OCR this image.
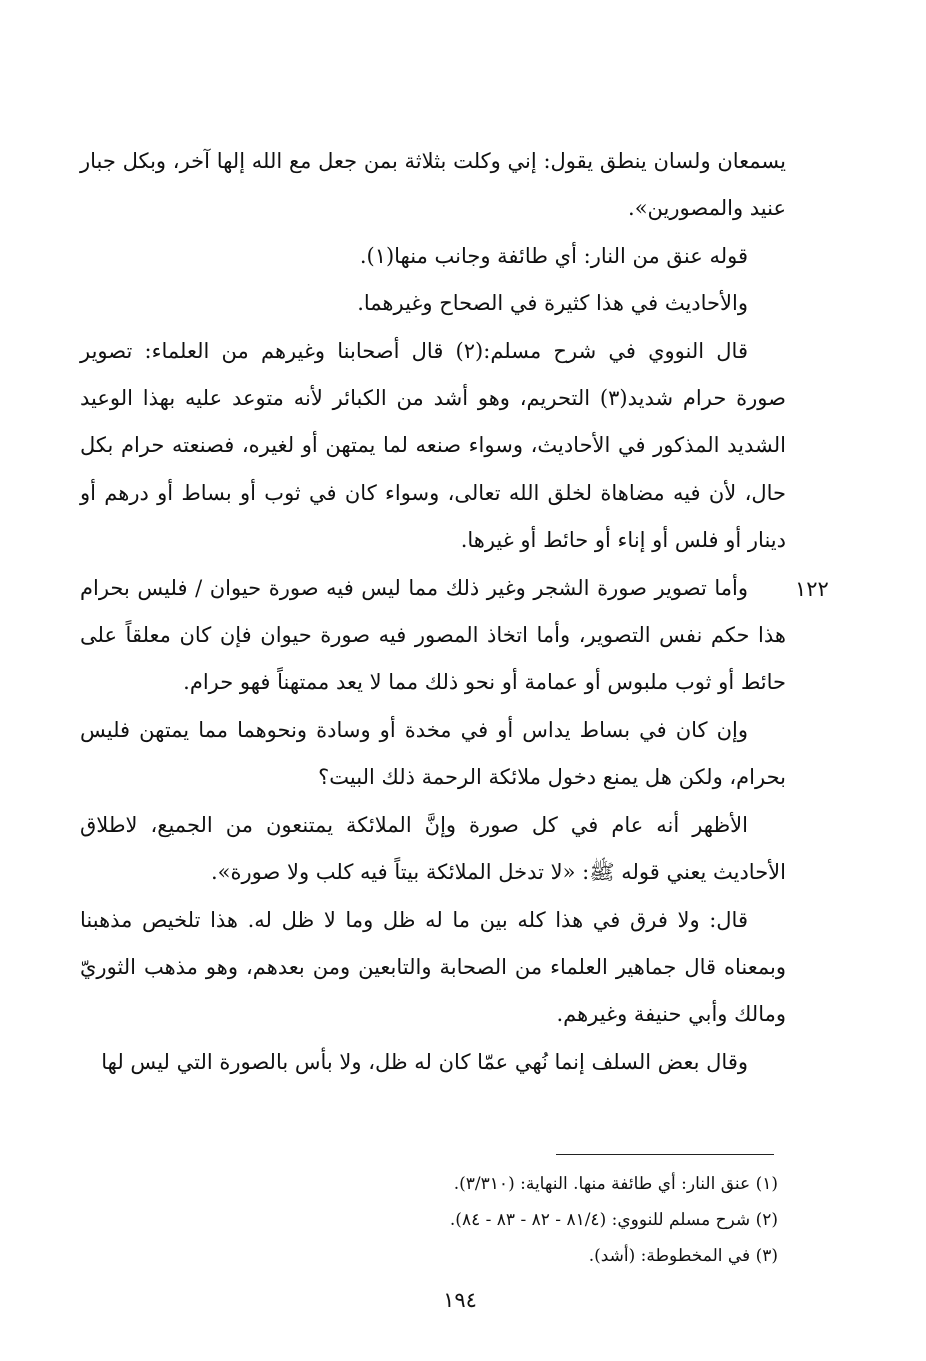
يسمعان ولسان ينطق يقول: إني وكلت بثلاثة بمن جعل مع الله إلها آخر، وبكل جبار عنيد والمصورين».

قوله عنق من النار: أي طائفة وجانب منها(١).

والأحاديث في هذا كثيرة في الصحاح وغيرهما.

قال النووي في شرح مسلم:(٢) قال أصحابنا وغيرهم من العلماء: تصوير صورة حرام شديد(٣) التحريم، وهو أشد من الكبائر لأنه متوعد عليه بهذا الوعيد الشديد المذكور في الأحاديث، وسواء صنعه لما يمتهن أو لغيره، فصنعته حرام بكل حال، لأن فيه مضاهاة لخلق الله تعالى، وسواء كان في ثوب أو بساط أو درهم أو دينار أو فلس أو إناء أو حائط أو غيرها.

وأما تصوير صورة الشجر وغير ذلك مما ليس فيه صورة حيوان / فليس بحرام هذا حكم نفس التصوير، وأما اتخاذ المصور فيه صورة حيوان فإن كان معلقاً على حائط أو ثوب ملبوس أو عمامة أو نحو ذلك مما لا يعد ممتهناً فهو حرام.

وإن كان في بساط يداس أو في مخدة أو وسادة ونحوهما مما يمتهن فليس بحرام، ولكن هل يمنع دخول ملائكة الرحمة ذلك البيت؟

الأظهر أنه عام في كل صورة وإنَّ الملائكة يمتنعون من الجميع، لاطلاق الأحاديث يعني قوله ﷺ: «لا تدخل الملائكة بيتاً فيه كلب ولا صورة».

قال: ولا فرق في هذا كله بين ما له ظل وما لا ظل له. هذا تلخيص مذهبنا وبمعناه قال جماهير العلماء من الصحابة والتابعين ومن بعدهم، وهو مذهب الثوريّ ومالك وأبي حنيفة وغيرهم.

وقال بعض السلف إنما نُهي عمّا كان له ظل، ولا بأس بالصورة التي ليس لها

١٢٢

(١) عنق النار: أي طائفة منها. النهاية: (٣/٣١٠).

(٢) شرح مسلم للنووي: (٨١/٤ - ٨٢ - ٨٣ - ٨٤).

(٣) في المخطوطة: (أشد).

١٩٤
